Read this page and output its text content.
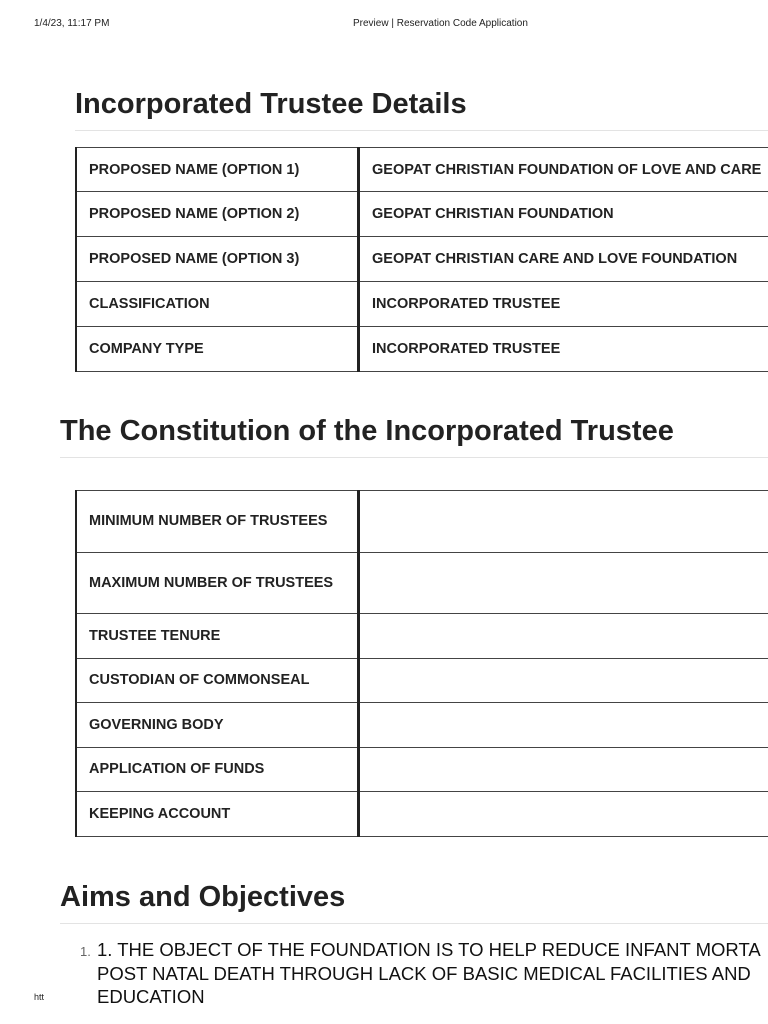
1/4/23, 11:17 PM	Preview | Reservation Code Application
Incorporated Trustee Details
PROPOSED NAME (OPTION 1)	GEOPAT CHRISTIAN FOUNDATION OF LOVE AND CARE
PROPOSED NAME (OPTION 2)	GEOPAT CHRISTIAN FOUNDATION
PROPOSED NAME (OPTION 3)	GEOPAT CHRISTIAN CARE AND LOVE FOUNDATION
CLASSIFICATION	INCORPORATED TRUSTEE
COMPANY TYPE	INCORPORATED TRUSTEE
The Constitution of the Incorporated Trustee
MINIMUM NUMBER OF TRUSTEES	
MAXIMUM NUMBER OF TRUSTEES	
TRUSTEE TENURE	
CUSTODIAN OF COMMONSEAL	
GOVERNING BODY	
APPLICATION OF FUNDS	
KEEPING ACCOUNT	
Aims and Objectives
1. 1. THE OBJECT OF THE FOUNDATION IS TO HELP REDUCE INFANT MORTA
POST NATAL DEATH THROUGH LACK OF BASIC MEDICAL FACILITIES AND
EDUCATION
htt
